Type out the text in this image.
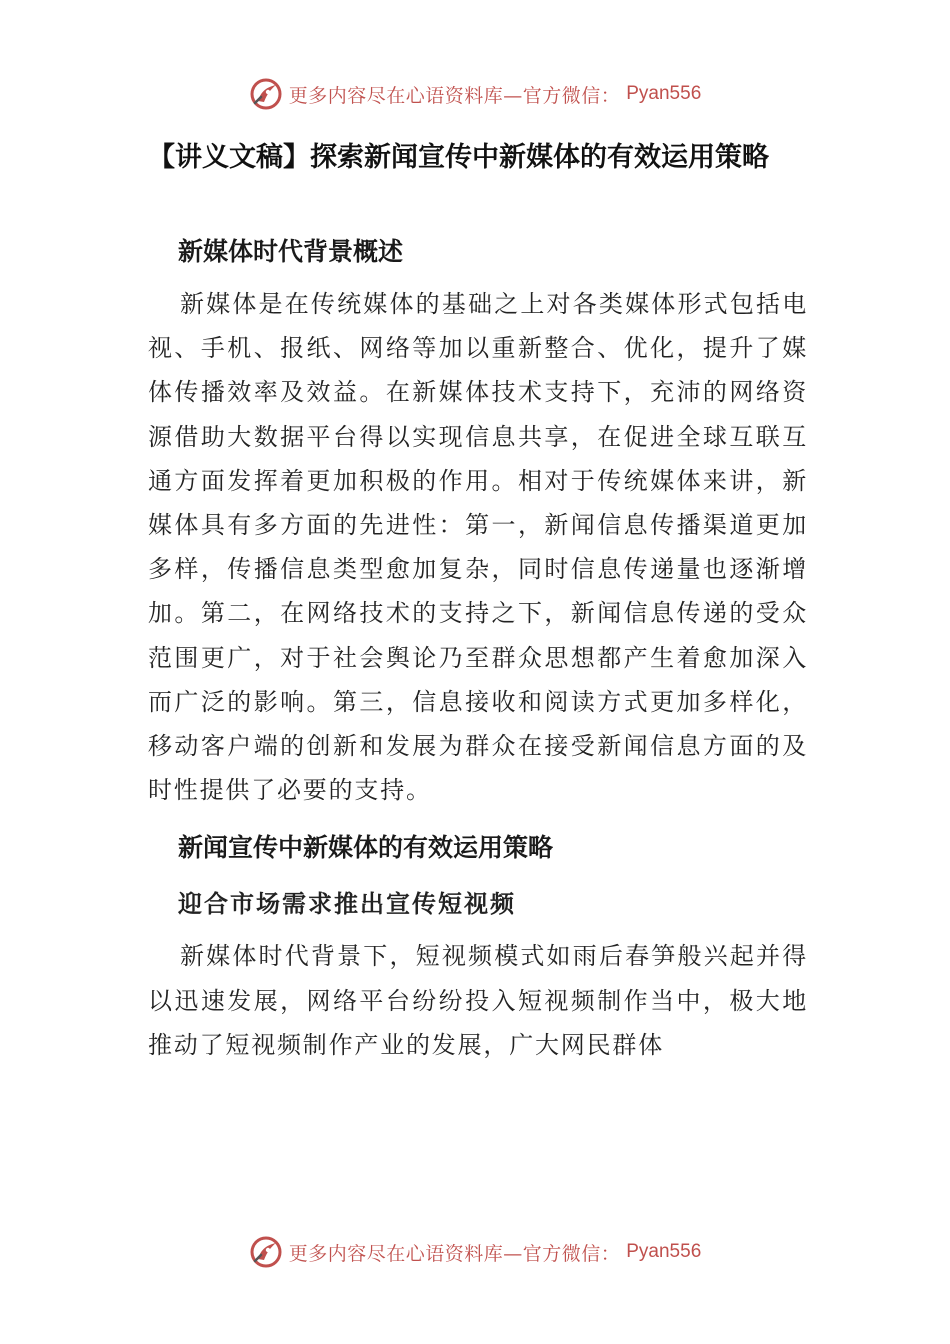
更多内容尽在心语资料库—官方微信： Pyan556
【讲义文稿】探索新闻宣传中新媒体的有效运用策略
新媒体时代背景概述

新媒体是在传统媒体的基础之上对各类媒体形式包括电视、手机、报纸、网络等加以重新整合、优化，提升了媒体传播效率及效益。在新媒体技术支持下，充沛的网络资源借助大数据平台得以实现信息共享，在促进全球互联互通方面发挥着更加积极的作用。相对于传统媒体来讲，新媒体具有多方面的先进性：第一，新闻信息传播渠道更加多样，传播信息类型愈加复杂，同时信息传递量也逐渐增加。第二，在网络技术的支持之下，新闻信息传递的受众范围更广，对于社会舆论乃至群众思想都产生着愈加深入而广泛的影响。第三，信息接收和阅读方式更加多样化，移动客户端的创新和发展为群众在接受新闻信息方面的及时性提供了必要的支持。

新闻宣传中新媒体的有效运用策略
迎合市场需求推出宣传短视频

新媒体时代背景下，短视频模式如雨后春笋般兴起并得以迅速发展，网络平台纷纷投入短视频制作当中，极大地推动了短视频制作产业的发展，广大网民群体

更多内容尽在心语资料库—官方微信： Pyan556
